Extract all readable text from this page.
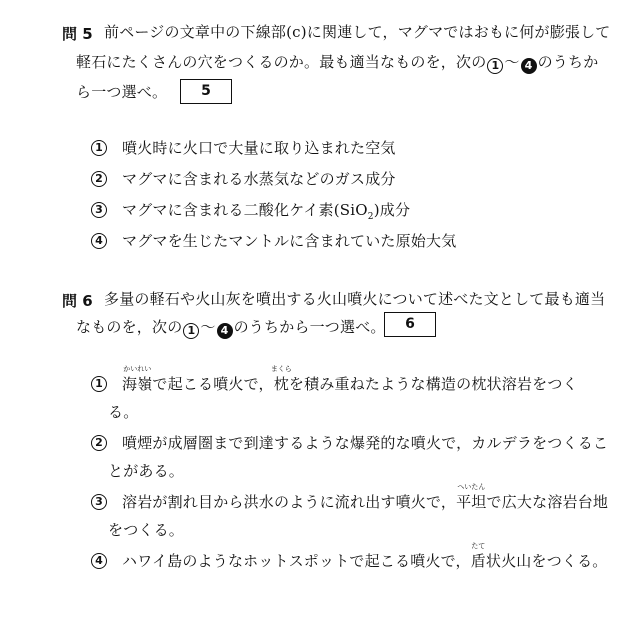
問 5 前ページの文章中の下線部(c)に関連して，マグマではおもに何が膨張して
軽石にたくさんの穴をつくるのか。最も適当なものを，次の 1 ～ 4 のうちか
ら一つ選べ。	5
1 噴火時に火口で大量に取り込まれた空気
2 マグマに含まれる水蒸気などのガス成分
3 マグマに含まれる二酸化ケイ素(SiO$_2$)成分
4 マグマを生じたマントルに含まれていた原始大気
問 6 多量の軽石や火山灰を噴出する火山噴火について述べた文として最も適当
なものを，次の 1 ～ 4 のうちから一つ選べ。	6
1 海嶺
かいれい
で起こる噴火で，枕
まくら
を積み重ねたような構造の枕状溶岩をつく
る。
2 噴煙が成層圏まで到達するような爆発的な噴火で，カルデラをつくるこ
とがある。
3 溶岩が割れ目から洪水のように流れ出す噴火で，平坦
へいたん
で広大な溶岩台地
をつくる。
4 ハワイ島のようなホットスポットで起こる噴火で，盾
たて
状火山をつくる。
